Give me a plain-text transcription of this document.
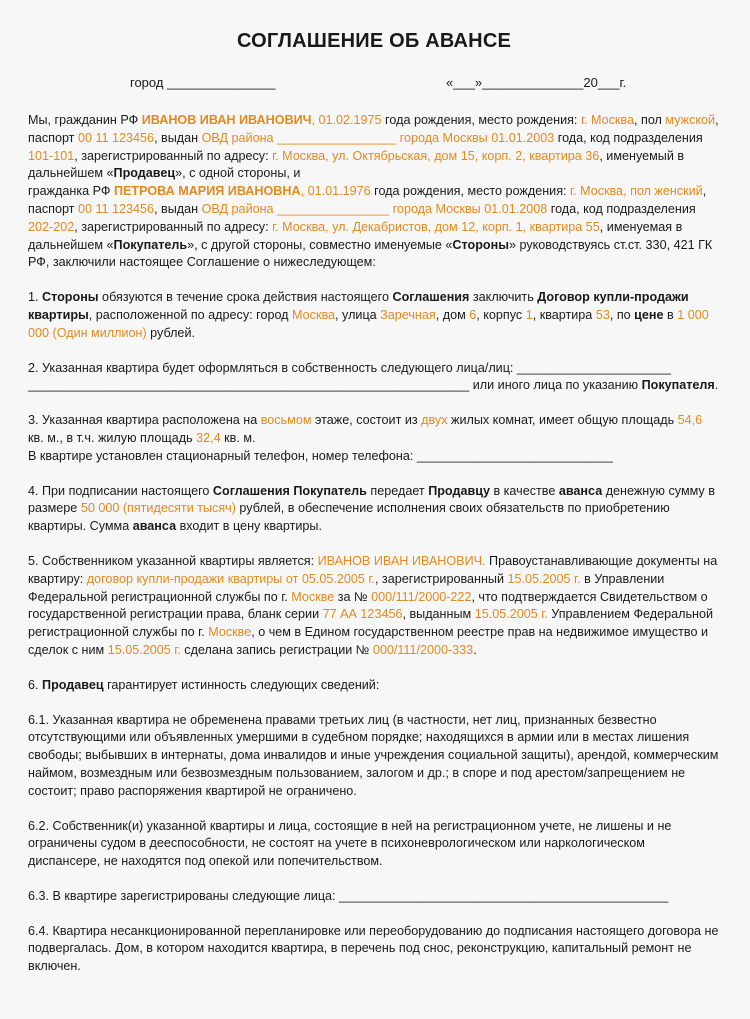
СОГЛАШЕНИЕ ОБ АВАНСЕ
город _______________	«___»______________20___г.

Мы, гражданин РФ ИВАНОВ ИВАН ИВАНОВИЧ, 01.02.1975 года рождения, место рождения: г. Москва, пол мужской, паспорт 00 11 123456, выдан ОВД района _________________ города Москвы 01.01.2003 года, код подразделения 101-101, зарегистрированный по адресу: г. Москва, ул. Октябрьская, дом 15, корп. 2, квартира 36, именуемый в дальнейшем «Продавец», с одной стороны, и
гражданка РФ ПЕТРОВА МАРИЯ ИВАНОВНА, 01.01.1976 года рождения, место рождения: г. Москва, пол женский, паспорт 00 11 123456, выдан ОВД района ________________ города Москвы 01.01.2008 года, код подразделения 202-202, зарегистрированный по адресу: г. Москва, ул. Декабристов, дом 12, корп. 1, квартира 55, именуемая в дальнейшем «Покупатель», с другой стороны, совместно именуемые «Стороны» руководствуясь ст.ст. 330, 421 ГК РФ, заключили настоящее Соглашение о нижеследующем:

1. Стороны обязуются в течение срока действия настоящего Соглашения заключить Договор купли-продажи квартиры, расположенной по адресу: город Москва, улица Заречная, дом 6, корпус 1, квартира 53, по цене в 1 000 000 (Один миллион) рублей.

2. Указанная квартира будет оформляться в собственность следующего лица/лиц: ______________________ _______________________________________________________________ или иного лица по указанию Покупателя.

3. Указанная квартира расположена на восьмом этаже, состоит из двух жилых комнат, имеет общую площадь 54,6 кв. м., в т.ч. жилую площадь 32,4 кв. м.
В квартире установлен стационарный телефон, номер телефона: ____________________________

4. При подписании настоящего Соглашения Покупатель передает Продавцу в качестве аванса денежную сумму в размере 50 000 (пятидесяти тысяч) рублей, в обеспечение исполнения своих обязательств по приобретению квартиры. Сумма аванса входит в цену квартиры.

5. Собственником указанной квартиры является: ИВАНОВ ИВАН ИВАНОВИЧ. Правоустанавливающие документы на квартиру: договор купли-продажи квартиры от 05.05.2005 г., зарегистрированный 15.05.2005 г. в Управлении Федеральной регистрационной службы по г. Москве за № 000/111/2000-222, что подтверждается Свидетельством о государственной регистрации права, бланк серии 77 АА 123456, выданным 15.05.2005 г. Управлением Федеральной регистрационной службы по г. Москве, о чем в Едином государственном реестре прав на недвижимое имущество и сделок с ним 15.05.2005 г. сделана запись регистрации № 000/111/2000-333.

6. Продавец гарантирует истинность следующих сведений:

6.1. Указанная квартира не обременена правами третьих лиц (в частности, нет лиц, признанных безвестно отсутствующими или объявленных умершими в судебном порядке; находящихся в армии или в местах лишения свободы; выбывших в интернаты, дома инвалидов и иные учреждения социальной защиты), арендой, коммерческим наймом, возмездным или безвозмездным пользованием, залогом и др.; в споре и под арестом/запрещением не состоит; право распоряжения квартирой не ограничено.

6.2. Собственник(и) указанной квартиры и лица, состоящие в ней на регистрационном учете, не лишены и не ограничены судом в дееспособности, не состоят на учете в психоневрологическом или наркологическом диспансере, не находятся под опекой или попечительством.

6.3. В квартире зарегистрированы следующие лица: _______________________________________________

6.4. Квартира несанкционированной перепланировке или переоборудованию до подписания настоящего договора не подвергалась. Дом, в котором находится квартира, в перечень под снос, реконструкцию, капитальный ремонт не включен.
